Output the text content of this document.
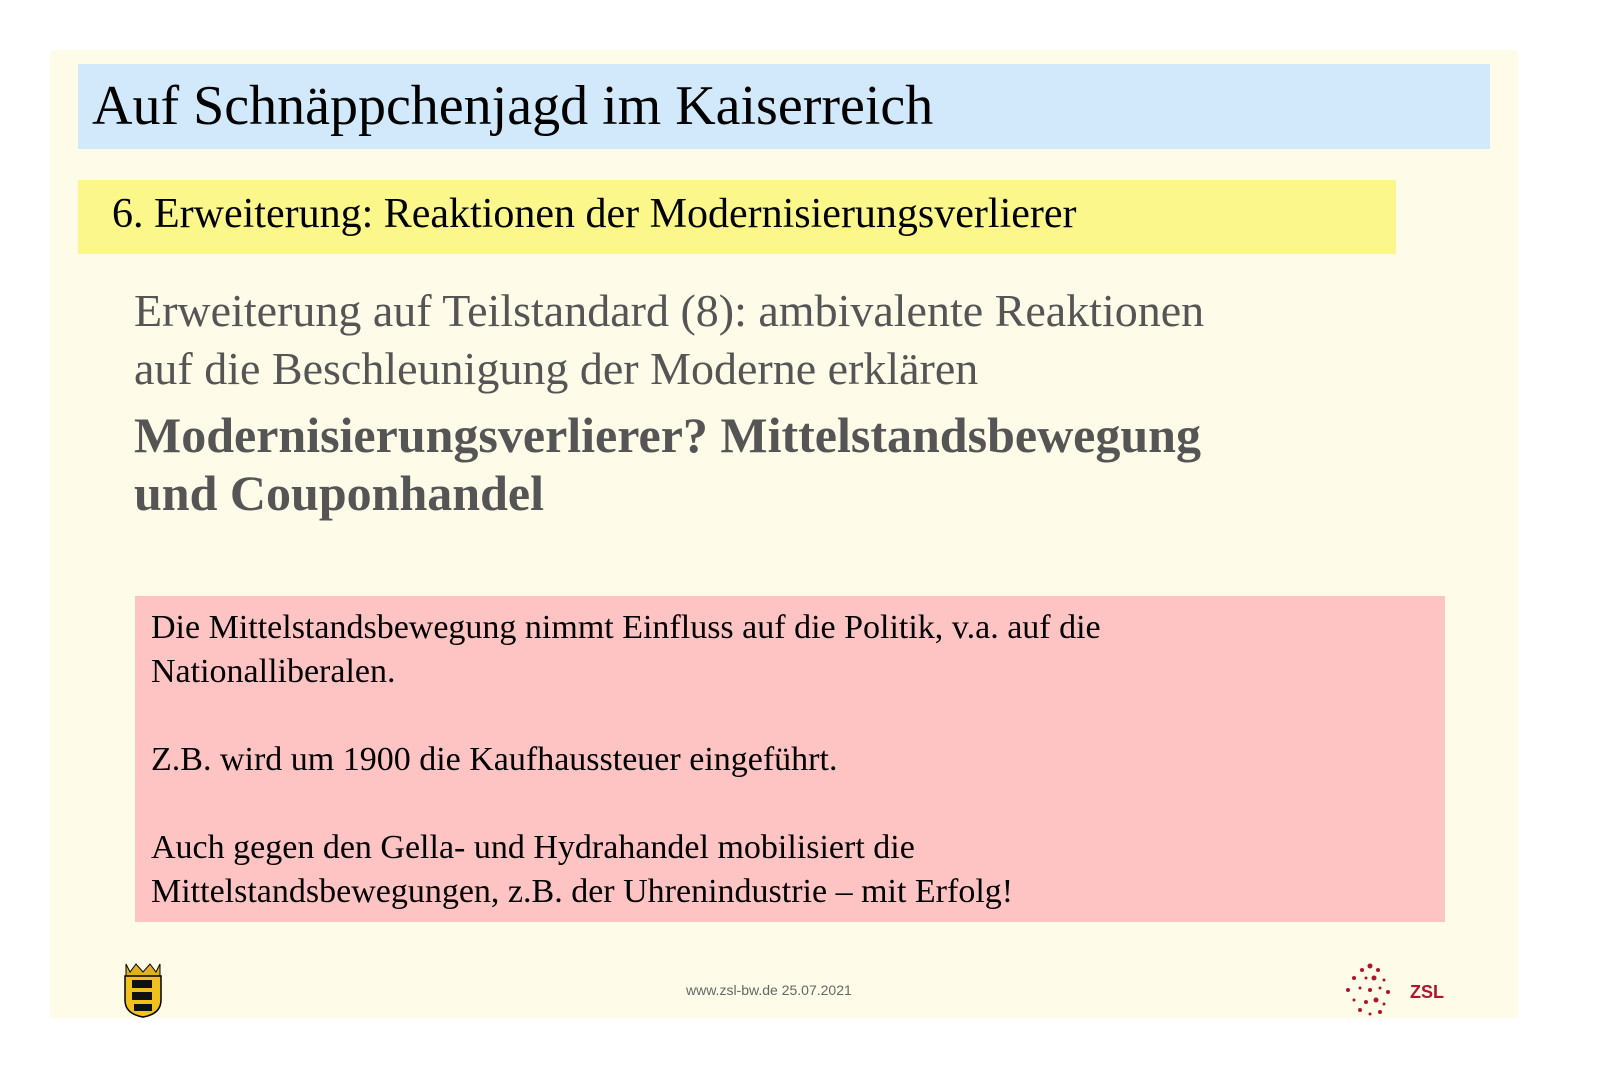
Auf Schnäppchenjagd im Kaiserreich
6. Erweiterung: Reaktionen der Modernisierungsverlierer
Erweiterung auf Teilstandard (8): ambivalente Reaktionen
auf die Beschleunigung der Moderne erklären
Modernisierungsverlierer? Mittelstandsbewegung
und Couponhandel

Die Mittelstandsbewegung nimmt Einfluss auf die Politik, v.a. auf die

Nationalliberalen.

Z.B. wird um 1900 die Kaufhaussteuer eingeführt.

Auch gegen den Gella- und Hydrahandel mobilisiert die

Mittelstandsbewegungen, z.B. der Uhrenindustrie – mit Erfolg!

www.zsl-bw.de 25.07.2021	ZSL
